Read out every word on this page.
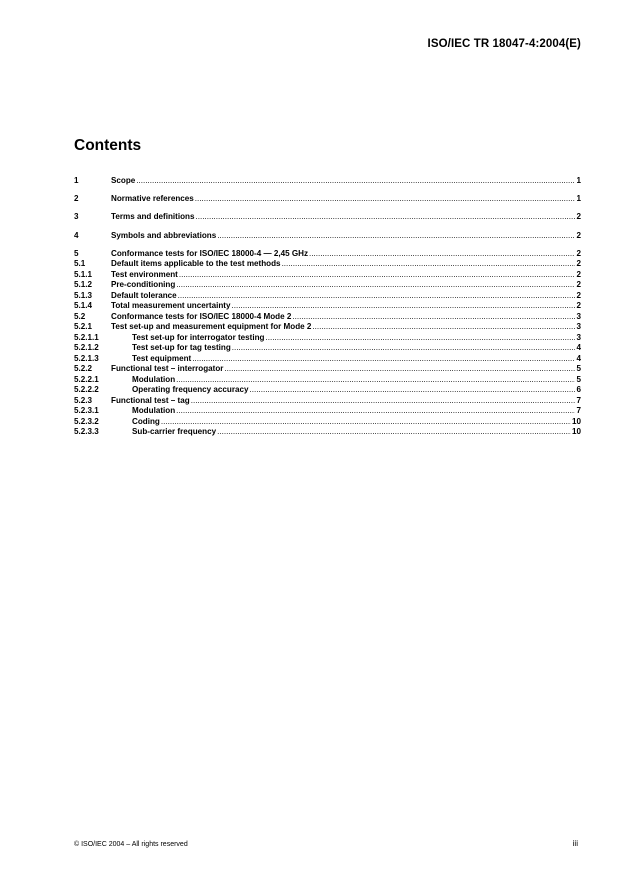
ISO/IEC TR 18047-4:2004(E)
Contents
1	Scope .....	1
2	Normative references .....	1
3	Terms and definitions .....	2
4	Symbols and abbreviations .....	2
5	Conformance tests for ISO/IEC 18000-4 — 2,45 GHz .....	2
5.1	Default items applicable to the test methods .....	2
5.1.1	Test environment .....	2
5.1.2	Pre-conditioning .....	2
5.1.3	Default tolerance .....	2
5.1.4	Total measurement uncertainty .....	2
5.2	Conformance tests for ISO/IEC 18000-4 Mode 2 .....	3
5.2.1	Test set-up and measurement equipment for Mode 2 .....	3
5.2.1.1	Test set-up for interrogator testing .....	3
5.2.1.2	Test set-up for tag testing .....	4
5.2.1.3	Test equipment .....	4
5.2.2	Functional test – interrogator .....	5
5.2.2.1	Modulation .....	5
5.2.2.2	Operating frequency accuracy .....	6
5.2.3	Functional test – tag .....	7
5.2.3.1	Modulation .....	7
5.2.3.2	Coding .....	10
5.2.3.3	Sub-carrier frequency .....	10
© ISO/IEC 2004 – All rights reserved	iii
